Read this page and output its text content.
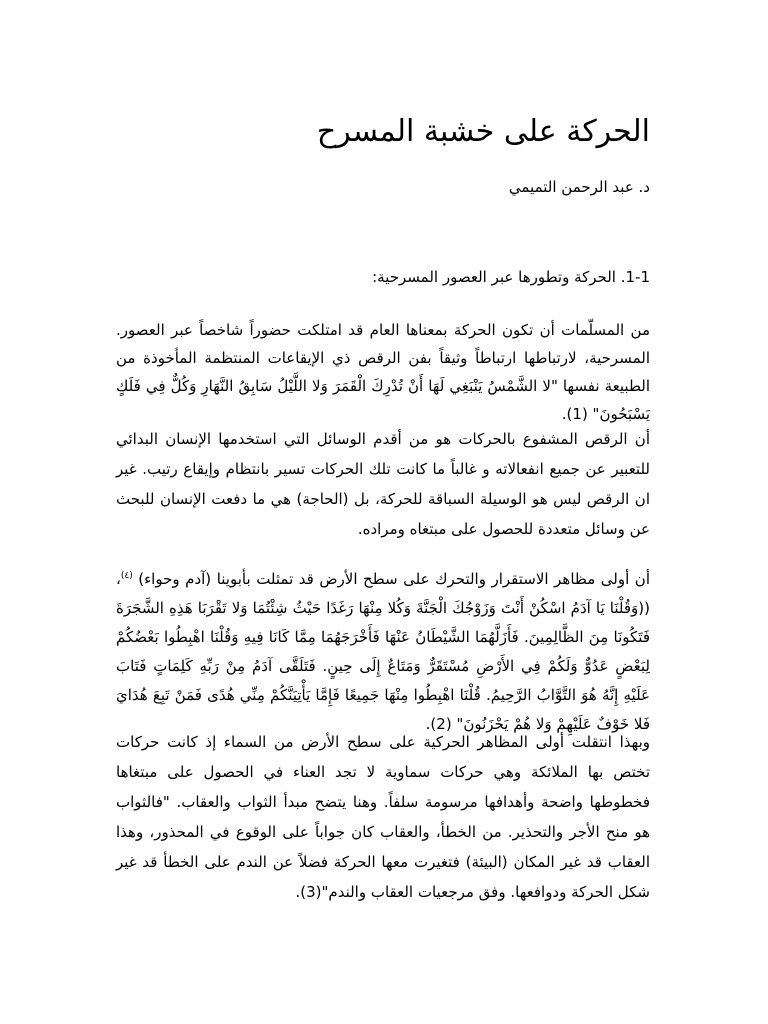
الحركة على خشبة المسرح
د. عبد الرحمن التميمي
1-1. الحركة وتطورها عبر العصور المسرحية:
من المسلّمات أن تكون الحركة بمعناها العام قد امتلكت حضوراً شاخصاً عبر العصور. المسرحية، لارتباطها ارتباطاً وثيقاً بفن الرقص ذي الإيقاعات المنتظمة المأخوذة من الطبيعة نفسها "لا الشَّمْسُ يَنْبَغِي لَهَا أَنْ تُدْرِكَ الْقَمَرَ وَلا اللَّيْلُ سَابِقُ النَّهَارِ وَكُلٌّ فِي فَلَكٍ يَسْبَحُونَ" (1).
أن الرقص المشفوع بالحركات هو من أقدم الوسائل التي استخدمها الإنسان البدائي للتعبير عن جميع انفعالاته و غالباً ما كانت تلك الحركات تسير بانتظام وإيقاع رتيب. غير ان الرقص ليس هو الوسيلة السباقة للحركة، بل (الحاجة) هي ما دفعت الإنسان للبحث عن وسائل متعددة للحصول على مبتغاه ومراده.
أن أولى مظاهر الاستقرار والتحرك على سطح الأرض قد تمثلت بأبوينا (آدم وحواء) $^{(٤)}$، ((وَقُلْنَا يَا آدَمُ اسْكُنْ أَنْتَ وَزَوْجُكَ الْجَنَّةَ وَكُلا مِنْهَا رَغَدًا حَيْثُ شِئْتُمَا وَلا تَقْرَبَا هَذِهِ الشَّجَرَةَ فَتَكُونَا مِنَ الظَّالِمِينَ. فَأَزَلَّهُمَا الشَّيْطَانُ عَنْهَا فَأَخْرَجَهُمَا مِمَّا كَانَا فِيهِ وَقُلْنَا اهْبِطُوا بَعْضُكُمْ لِبَعْضٍ عَدُوٌّ وَلَكُمْ فِي الأَرْضِ مُسْتَقَرٌّ وَمَتَاعٌ إِلَى حِينٍ. فَتَلَقَّى آدَمُ مِنْ رَبِّهِ كَلِمَاتٍ فَتَابَ عَلَيْهِ إِنَّهُ هُوَ التَّوَّابُ الرَّحِيمُ. قُلْنَا اهْبِطُوا مِنْهَا جَمِيعًا فَإِمَّا يَأْتِيَنَّكُمْ مِنِّي هُدًى فَمَنْ تَبِعَ هُدَايَ فَلا خَوْفٌ عَلَيْهِمْ وَلا هُمْ يَحْزَنُونَ" (2).
وبهذا انتقلت أولى المظاهر الحركية على سطح الأرض من السماء إذ كانت حركات تختص بها الملائكة وهي حركات سماوية لا تجد العناء في الحصول على مبتغاها فخطوطها واضحة وأهدافها مرسومة سلفاً. وهنا يتضح مبدأ الثواب والعقاب. "فالثواب هو منح الأجر والتحذير. من الخطأ، والعقاب كان جواباً على الوقوع في المحذور، وهذا العقاب قد غير المكان (البيئة) فتغيرت معها الحركة فضلاً عن الندم على الخطأ قد غير شكل الحركة ودوافعها. وفق مرجعيات العقاب والندم"(3).
